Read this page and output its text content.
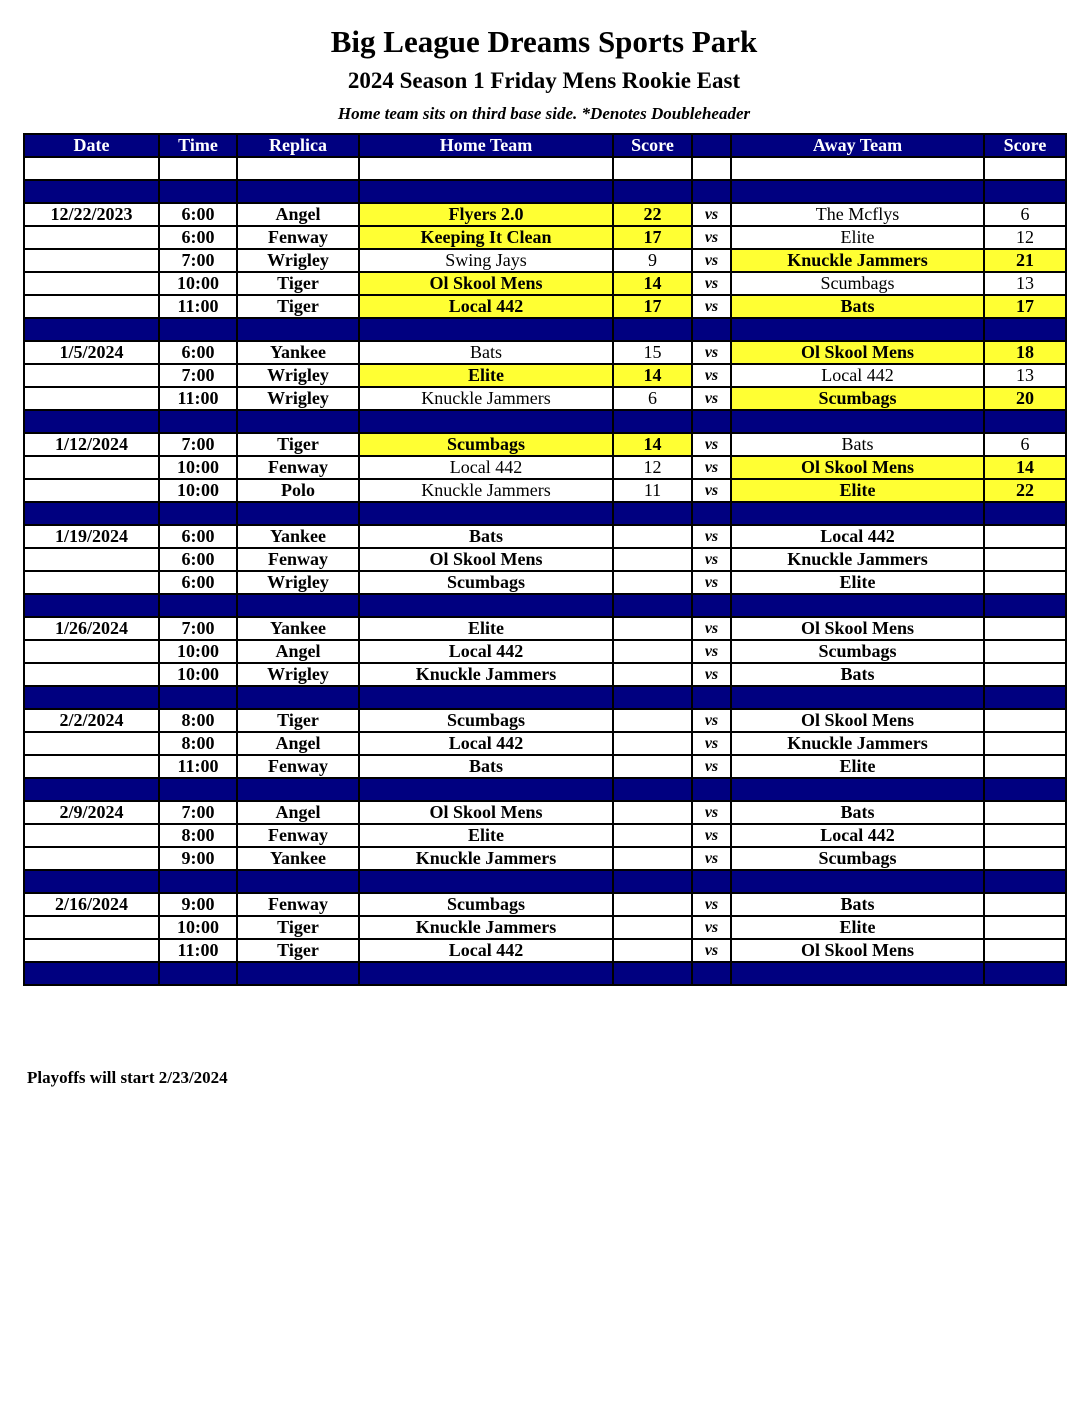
Big League Dreams Sports Park
2024 Season 1 Friday Mens Rookie East
Home team sits on third base side. *Denotes Doubleheader
Date	Time	Replica	Home Team	Score		Away Team	Score

12/22/2023	6:00	Angel	Flyers 2.0	22	vs	The Mcflys	6
	6:00	Fenway	Keeping It Clean	17	vs	Elite	12
	7:00	Wrigley	Swing Jays	9	vs	Knuckle Jammers	21
	10:00	Tiger	Ol Skool Mens	14	vs	Scumbags	13
	11:00	Tiger	Local 442	17	vs	Bats	17

1/5/2024	6:00	Yankee	Bats	15	vs	Ol Skool Mens	18
	7:00	Wrigley	Elite	14	vs	Local 442	13
	11:00	Wrigley	Knuckle Jammers	6	vs	Scumbags	20

1/12/2024	7:00	Tiger	Scumbags	14	vs	Bats	6
	10:00	Fenway	Local 442	12	vs	Ol Skool Mens	14
	10:00	Polo	Knuckle Jammers	11	vs	Elite	22

1/19/2024	6:00	Yankee	Bats		vs	Local 442	
	6:00	Fenway	Ol Skool Mens		vs	Knuckle Jammers	
	6:00	Wrigley	Scumbags		vs	Elite	

1/26/2024	7:00	Yankee	Elite		vs	Ol Skool Mens	
	10:00	Angel	Local 442		vs	Scumbags	
	10:00	Wrigley	Knuckle Jammers		vs	Bats	

2/2/2024	8:00	Tiger	Scumbags		vs	Ol Skool Mens	
	8:00	Angel	Local 442		vs	Knuckle Jammers	
	11:00	Fenway	Bats		vs	Elite	

2/9/2024	7:00	Angel	Ol Skool Mens		vs	Bats	
	8:00	Fenway	Elite		vs	Local 442	
	9:00	Yankee	Knuckle Jammers		vs	Scumbags	

2/16/2024	9:00	Fenway	Scumbags		vs	Bats	
	10:00	Tiger	Knuckle Jammers		vs	Elite	
	11:00	Tiger	Local 442		vs	Ol Skool Mens	

Playoffs will start 2/23/2024
